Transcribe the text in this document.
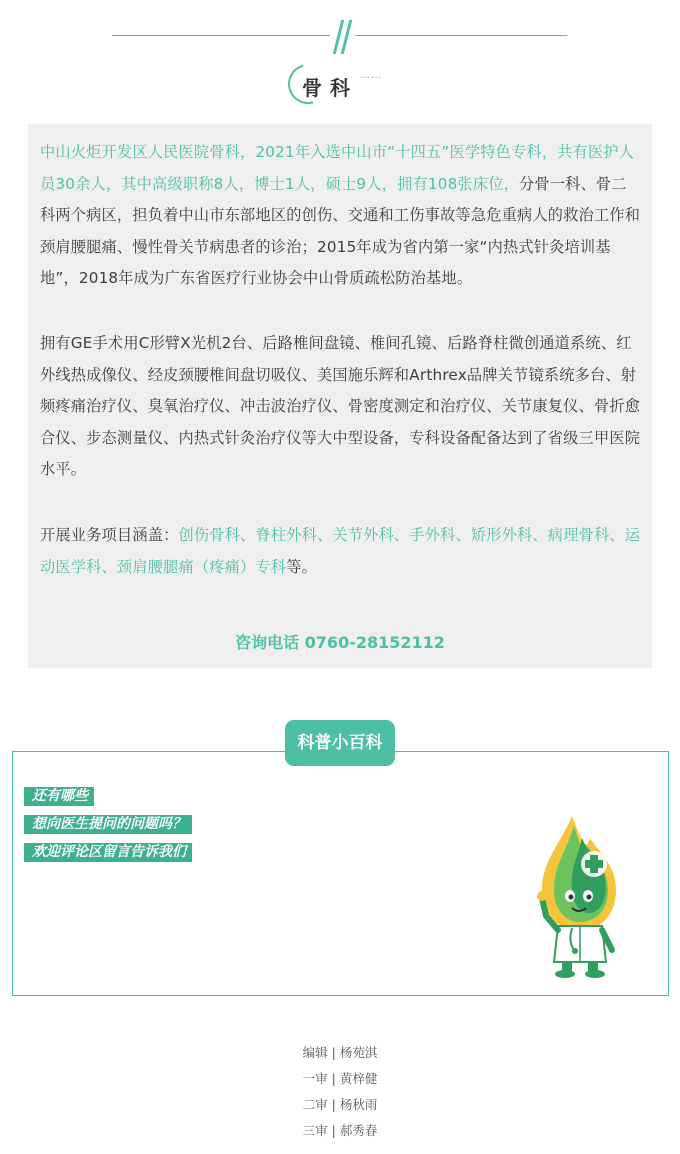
骨科
……

中山火炬开发区人民医院骨科，2021年入选中山市“十四五”医学特色专科，共有医护人员30余人，其中高级职称8人，博士1人，硕士9人，拥有108张床位，分骨一科、骨二科两个病区，担负着中山市东部地区的创伤、交通和工伤事故等急危重病人的救治工作和颈肩腰腿痛、慢性骨关节病患者的诊治；2015年成为省内第一家“内热式针灸培训基地”，2018年成为广东省医疗行业协会中山骨质疏松防治基地。

拥有GE手术用C形臂X光机2台、后路椎间盘镜、椎间孔镜、后路脊柱微创通道系统、红外线热成像仪、经皮颈腰椎间盘切吸仪、美国施乐辉和Arthrex品牌关节镜系统多台、射频疼痛治疗仪、臭氧治疗仪、冲击波治疗仪、骨密度测定和治疗仪、关节康复仪、骨折愈合仪、步态测量仪、内热式针灸治疗仪等大中型设备，专科设备配备达到了省级三甲医院水平。

开展业务项目涵盖：创伤骨科、脊柱外科、关节外科、手外科、矫形外科、病理骨科、运动医学科、颈肩腰腿痛（疼痛）专科等。

咨询电话 0760-28152112
科普小百科
还有哪些
想向医生提问的问题吗？
欢迎评论区留言告诉我们
编辑 | 杨苑淇
一审 | 黄梓健
二审 | 杨秋雨
三审 | 郝秀春
